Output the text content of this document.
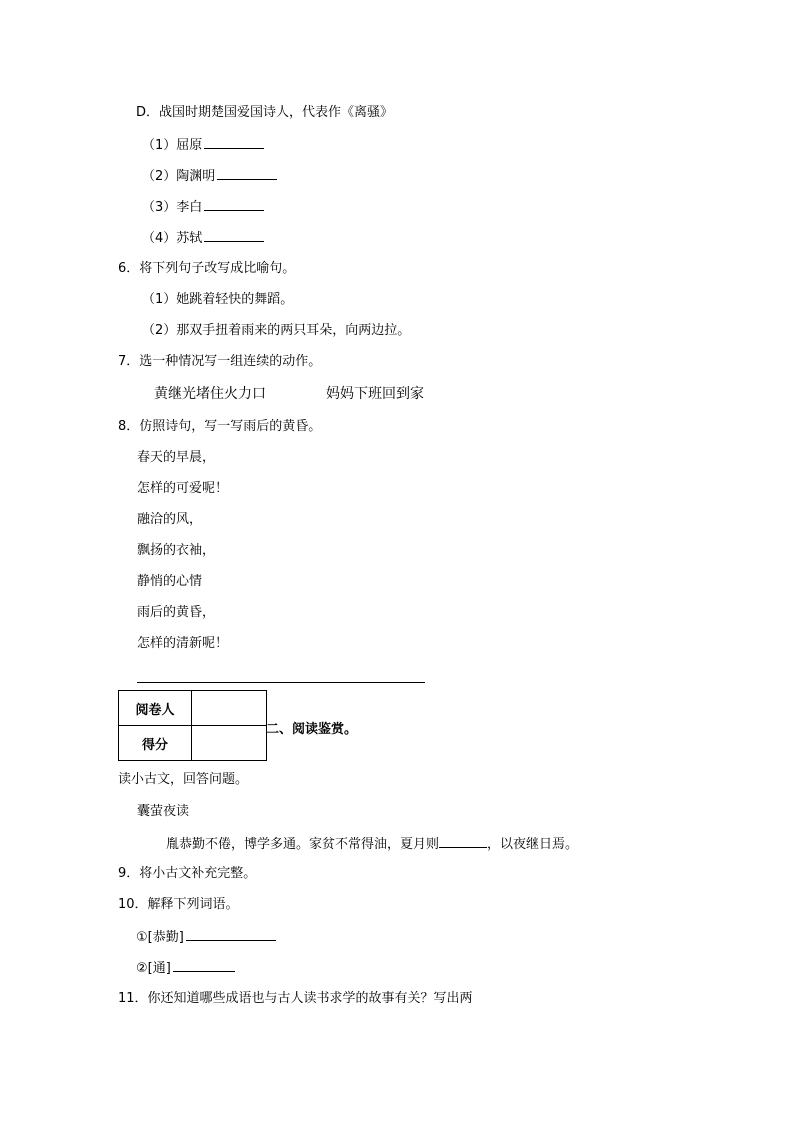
D．战国时期楚国爱国诗人，代表作《离骚》
（1）屈原
（2）陶渊明
（3）李白
（4）苏轼
6．将下列句子改写成比喻句。
（1）她跳着轻快的舞蹈。
（2）那双手扭着雨来的两只耳朵，向两边拉。
7．选一种情况写一组连续的动作。
黄继光堵住火力口	妈妈下班回到家
8．仿照诗句，写一写雨后的黄昏。
春天的早晨，
怎样的可爱呢！
融洽的风，
飘扬的衣袖，
静悄的心情
雨后的黄昏，
怎样的清新呢！
阅卷人	
得分	
二、阅读鉴赏。
读小古文，回答问题。
囊萤夜读
胤恭勤不倦，博学多通。家贫不常得油，夏月则	，以夜继日焉。
9．将小古文补充完整。
10．解释下列词语。
①[恭勤]
②[通]
11．你还知道哪些成语也与古人读书求学的故事有关？写出两
